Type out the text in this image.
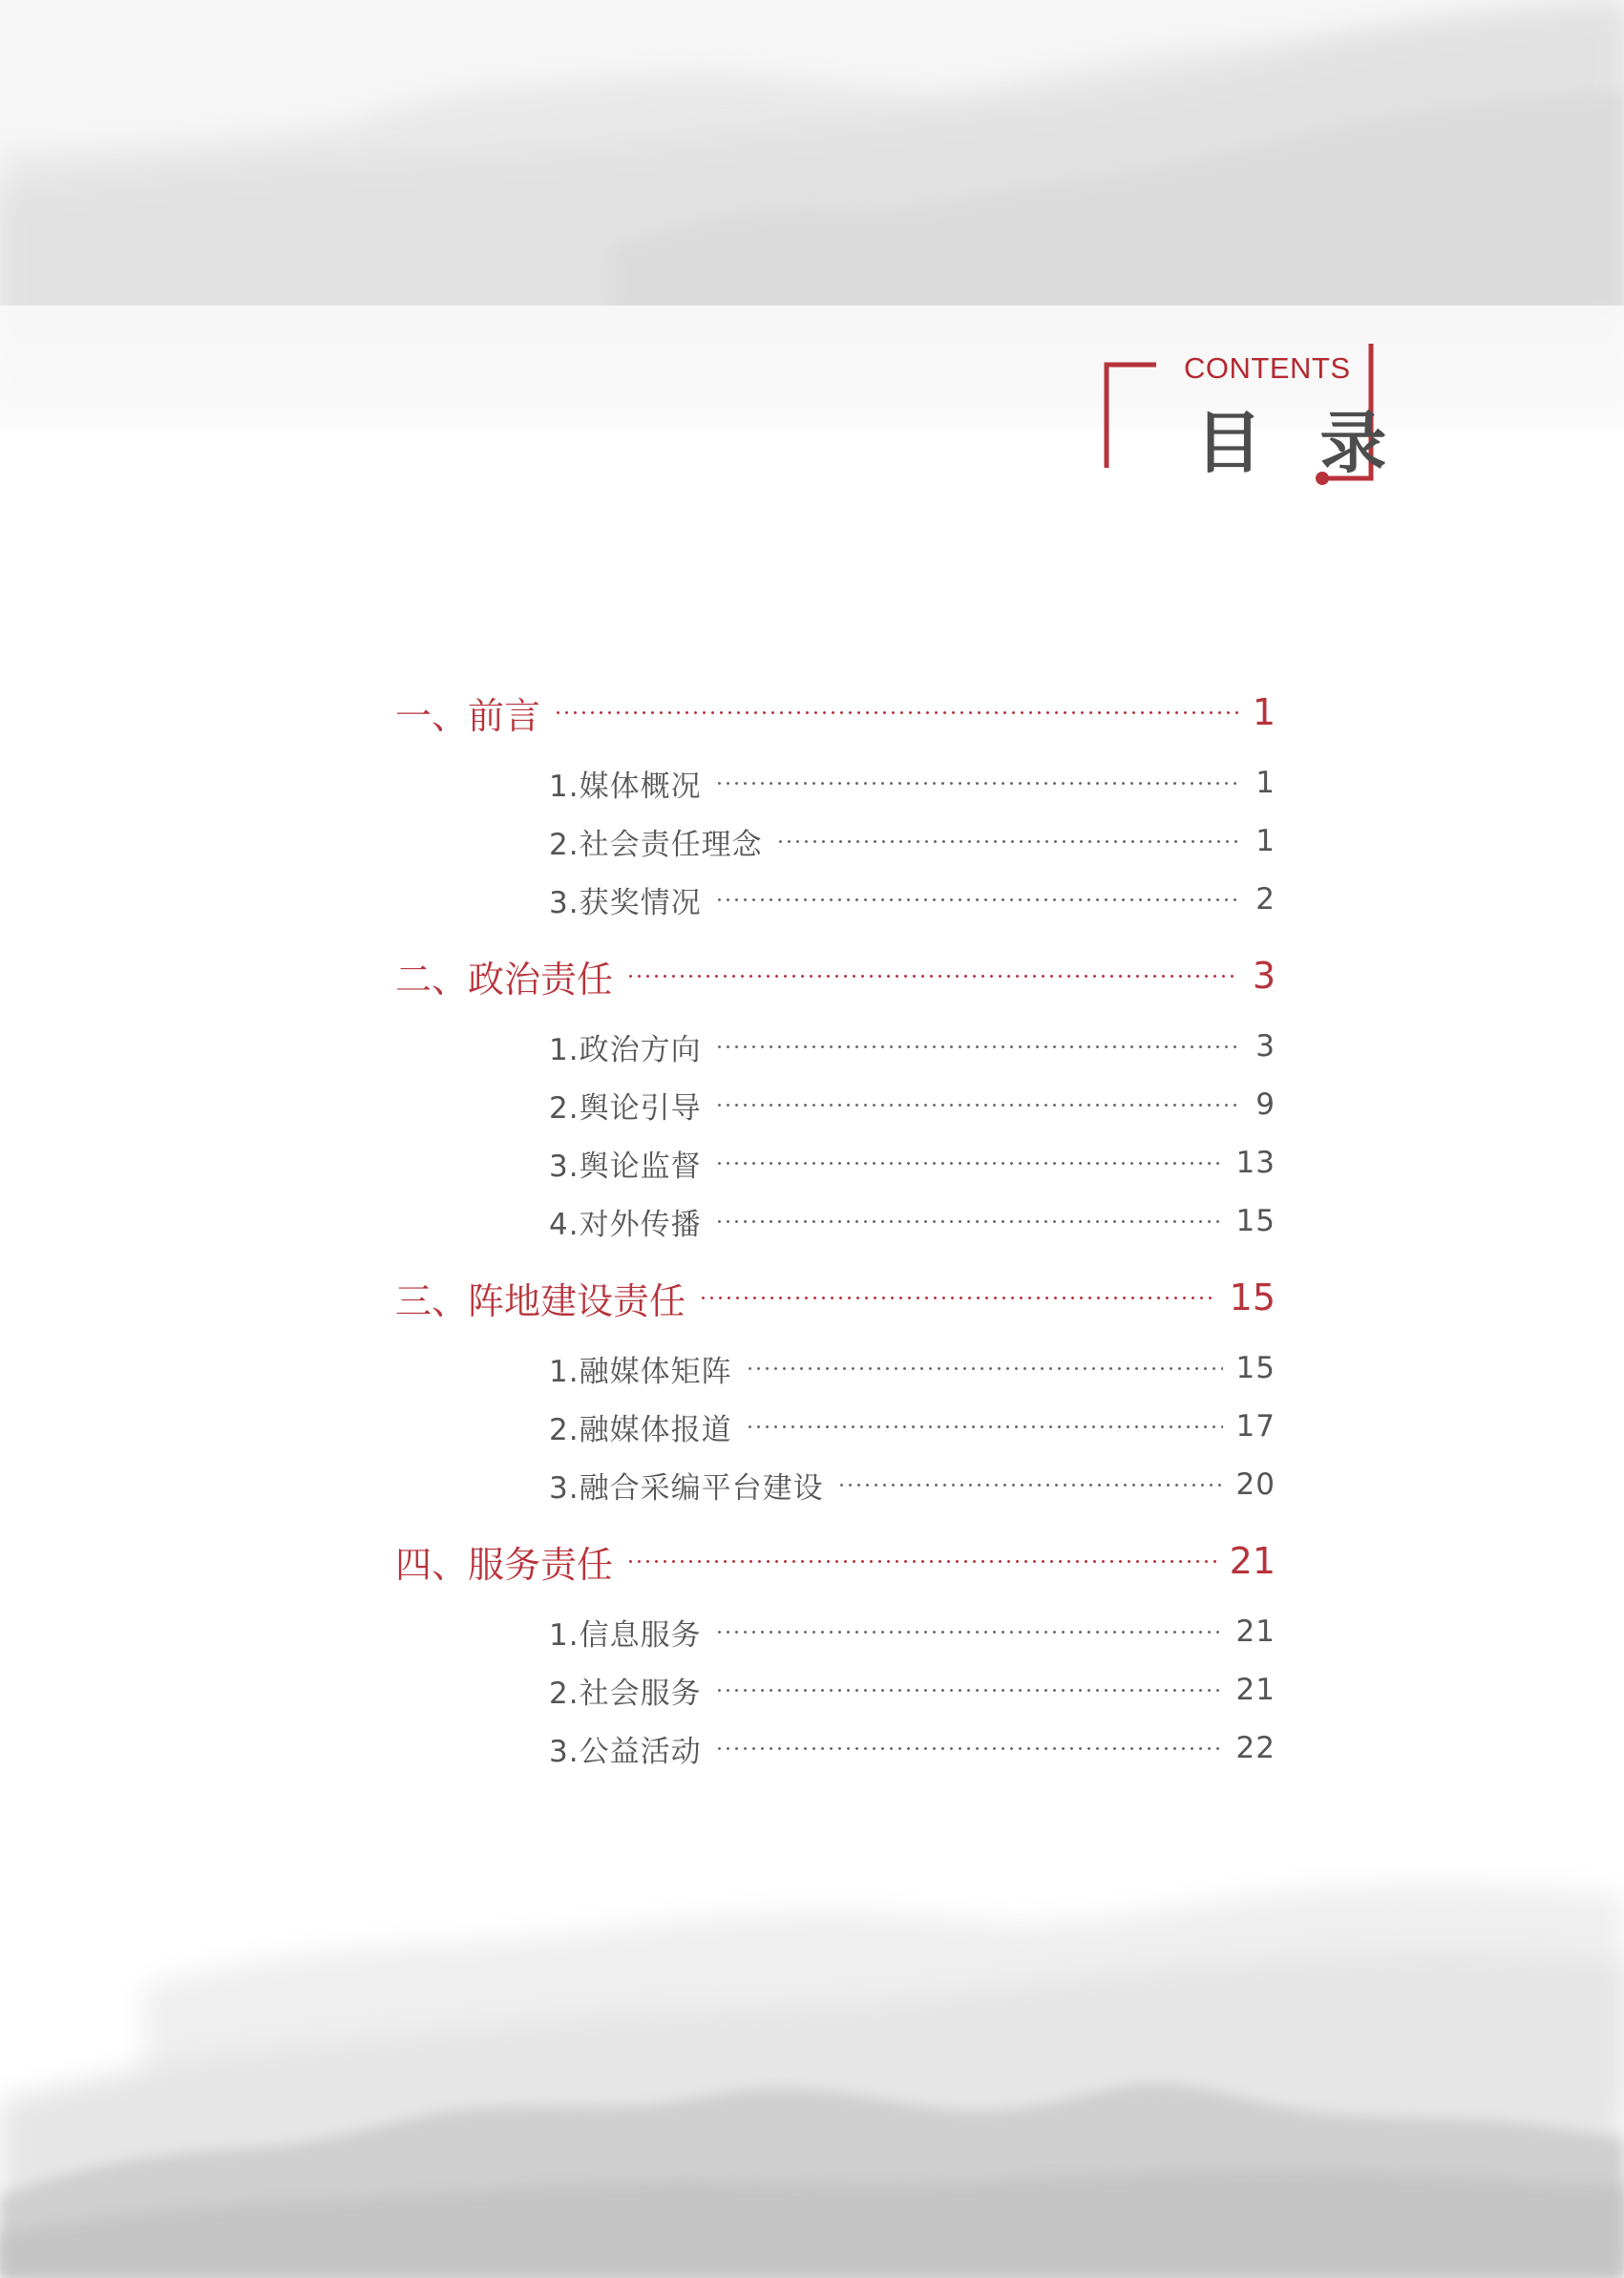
CONTENTS
目 录
一、前言	1
1.媒体概况	1
2.社会责任理念	1
3.获奖情况	2
二、政治责任	3
1.政治方向	3
2.舆论引导	9
3.舆论监督	13
4.对外传播	15
三、阵地建设责任	15
1.融媒体矩阵	15
2.融媒体报道	17
3.融合采编平台建设	20
四、服务责任	21
1.信息服务	21
2.社会服务	21
3.公益活动	22
